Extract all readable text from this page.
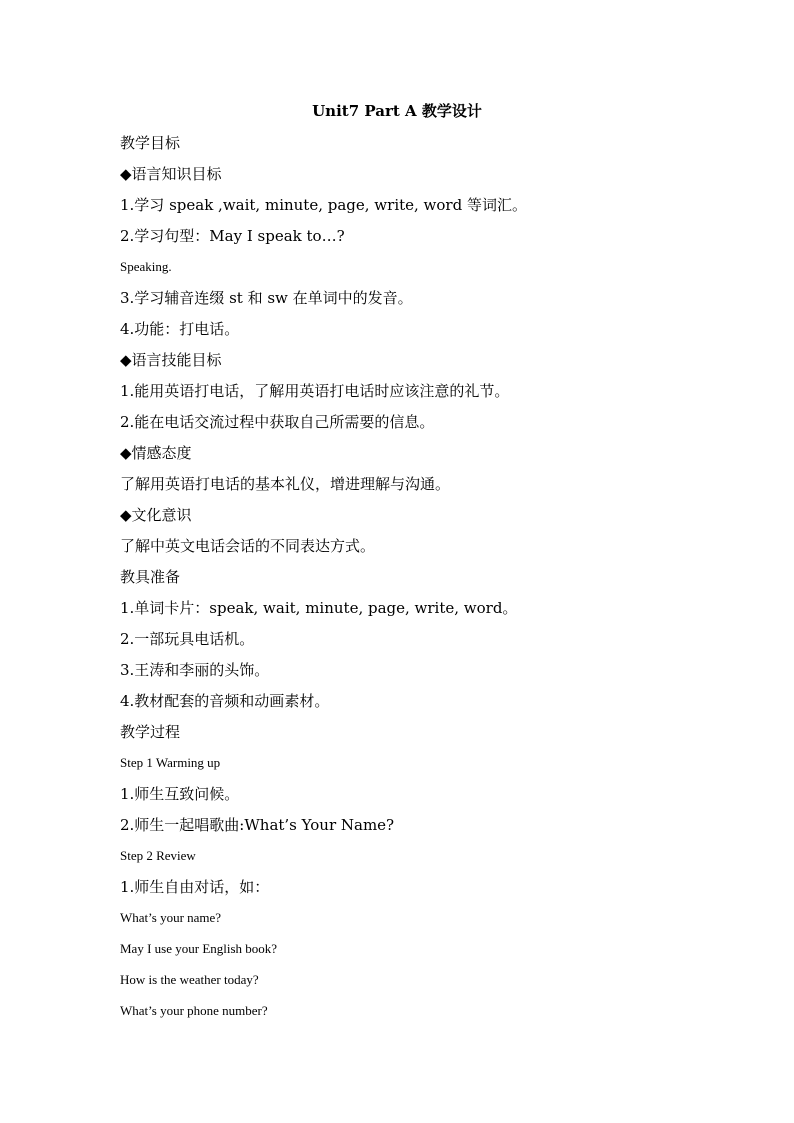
Unit7 Part A 教学设计
教学目标
◆语言知识目标
1.学习 speak ,wait, minute, page, write, word 等词汇。
2.学习句型：May I speak to…?
Speaking.
3.学习辅音连缀 st 和 sw 在单词中的发音。
4.功能：打电话。
◆语言技能目标
1.能用英语打电话，了解用英语打电话时应该注意的礼节。
2.能在电话交流过程中获取自己所需要的信息。
◆情感态度
了解用英语打电话的基本礼仪，增进理解与沟通。
◆文化意识
了解中英文电话会话的不同表达方式。
教具准备
1.单词卡片：speak, wait, minute, page, write, word。
2.一部玩具电话机。
3.王涛和李丽的头饰。
4.教材配套的音频和动画素材。
教学过程
Step 1 Warming up
1.师生互致问候。
2.师生一起唱歌曲:What’s Your Name?
Step 2 Review
1.师生自由对话，如：
What’s your name?
May I use your English book?
How is the weather today?
What’s your phone number?
